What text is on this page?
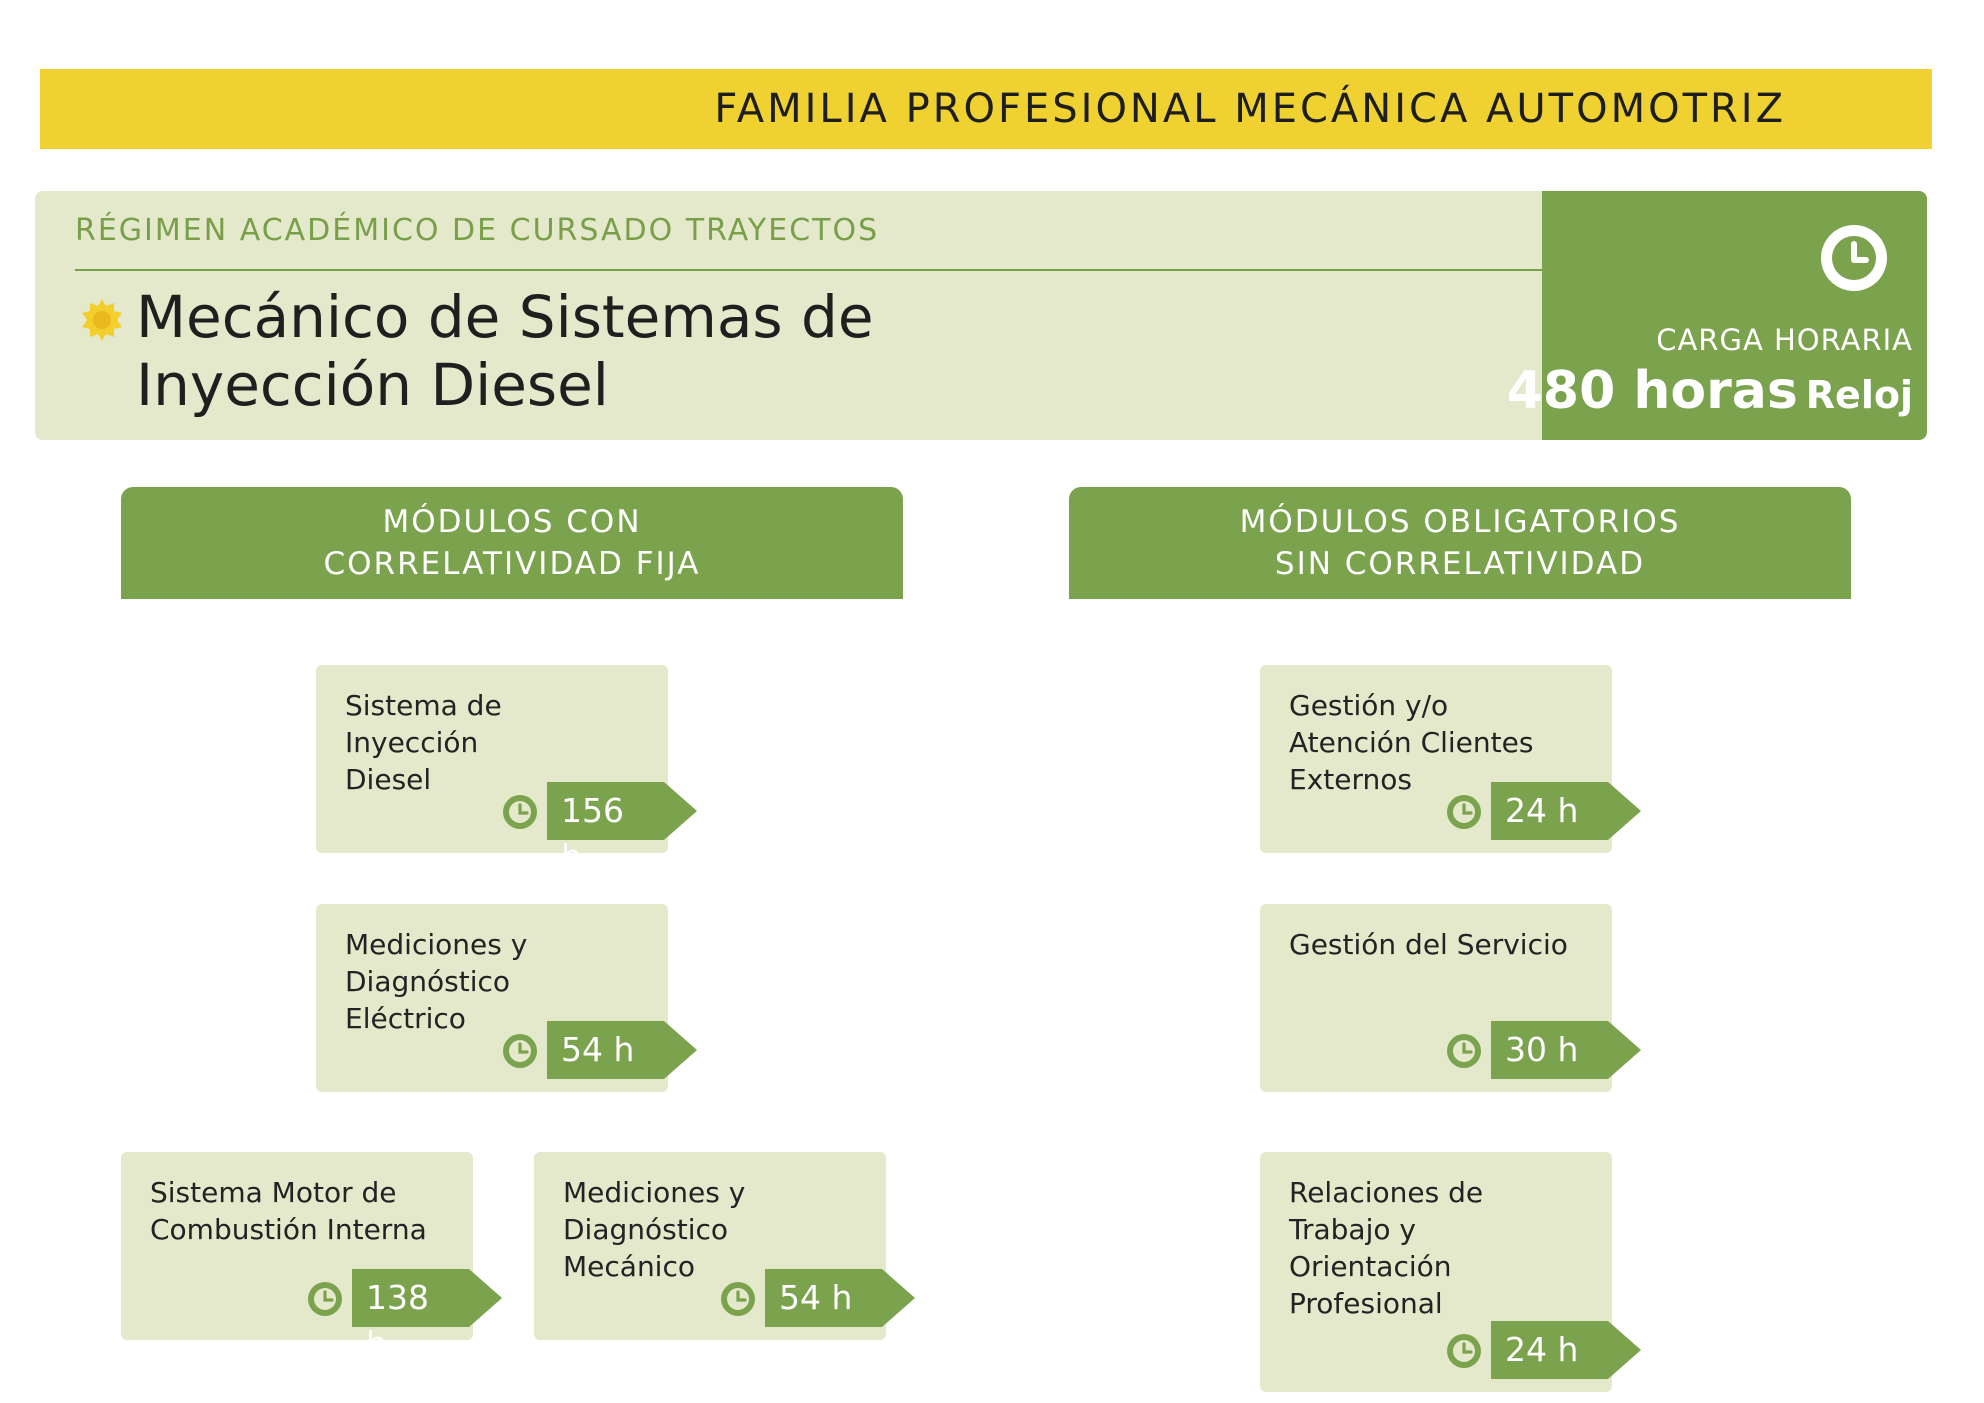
FAMILIA PROFESIONAL MECÁNICA AUTOMOTRIZ
RÉGIMEN ACADÉMICO DE CURSADO TRAYECTOS
Mecánico de Sistemas de
Inyección Diesel
CARGA HORARIA
480 horas Reloj
MÓDULOS CON
CORRELATIVIDAD FIJA
MÓDULOS OBLIGATORIOS
SIN CORRELATIVIDAD
Sistema de
Inyección
Diesel
156 h
Mediciones y
Diagnóstico
Eléctrico
54 h
Sistema Motor de
Combustión Interna
138 h
Mediciones y
Diagnóstico
Mecánico
54 h
Gestión y/o
Atención Clientes
Externos
24 h
Gestión del Servicio
30 h
Relaciones de
Trabajo y
Orientación
Profesional
24 h
